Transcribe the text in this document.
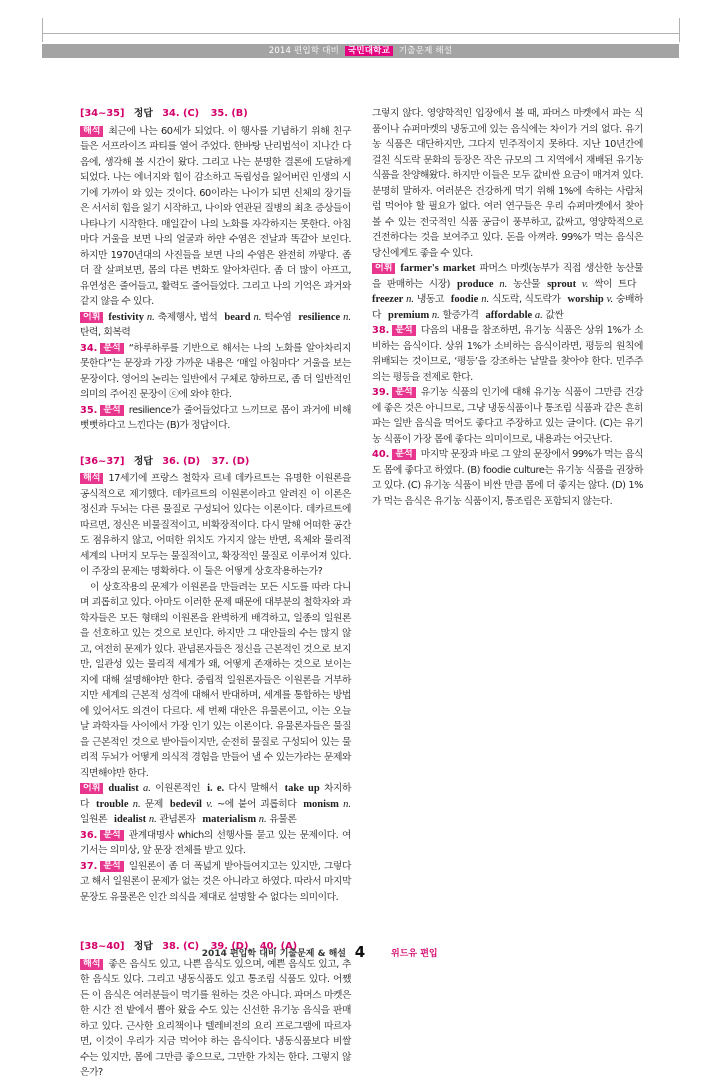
2014 편입학 대비 국민대학교 기출문제 해설
[34~35] 정답 34. (C) 35. (B)

해석 최근에 나는 60세가 되었다. 이 행사를 기념하기 위해 친구들은 서프라이즈 파티를 열어 주었다. 한바탕 난리법석이 지나간 다음에, 생각해 볼 시간이 왔다. 그리고 나는 분명한 결론에 도달하게 되었다. 나는 에너지와 힘이 감소하고 독립성을 잃어버린 인생의 시기에 가까이 와 있는 것이다. 60이라는 나이가 되면 신체의 장기들은 서서히 힘을 잃기 시작하고, 나이와 연관된 질병의 최초 증상들이 나타나기 시작한다. 매일같이 나의 노화를 자각하지는 못한다. 아침마다 거울을 보면 나의 얼굴과 하얀 수염은 전날과 똑같아 보인다. 하지만 1970년대의 사진들을 보면 나의 수염은 완전히 까맣다. 좀 더 잘 살펴보면, 몸의 다른 변화도 알아차린다. 좀 더 많이 아프고, 유연성은 줄어들고, 활력도 줄어들었다. 그리고 나의 기억은 과거와 같지 않을 수 있다.

어휘 festivity n. 축제행사, 법석 beard n. 턱수염 resilience n. 탄력, 회복력

34. 분석 “하루하루를 기반으로 해서는 나의 노화를 알아차리지 못한다”는 문장과 가장 가까운 내용은 ‘매일 아침마다’ 거울을 보는 문장이다. 영어의 논리는 일반에서 구체로 향하므로, 좀 더 일반적인 의미의 주어진 문장이 ⓒ에 와야 한다.

35. 분석 resilience가 줄어들었다고 느끼므로 몸이 과거에 비해 뻣뻣하다고 느낀다는 (B)가 정답이다.

[36~37] 정답 36. (D) 37. (D)

해석 17세기에 프랑스 철학자 르네 데카르트는 유명한 이원론을 공식적으로 제기했다. 데카르트의 이원론이라고 알려진 이 이론은 정신과 두뇌는 다른 물질로 구성되어 있다는 이론이다. 데카르트에 따르면, 정신은 비물질적이고, 비확장적이다. 다시 말해 어떠한 공간도 점유하지 않고, 어떠한 위치도 가지지 않는 반면, 육체와 물리적 세계의 나머지 모두는 물질적이고, 확장적인 물질로 이루어져 있다. 이 주장의 문제는 명확하다. 이 둘은 어떻게 상호작용하는가?

이 상호작용의 문제가 이원론을 만들려는 모든 시도를 따라 다니며 괴롭히고 있다. 아마도 이러한 문제 때문에 대부분의 철학자와 과학자들은 모든 형태의 이원론을 완벽하게 배격하고, 일종의 일원론을 선호하고 있는 것으로 보인다. 하지만 그 대안들의 수는 많지 않고, 여전히 문제가 있다. 관념론자들은 정신을 근본적인 것으로 보지만, 일관성 있는 물리적 세계가 왜, 어떻게 존재하는 것으로 보이는지에 대해 설명해야만 한다. 중립적 일원론자들은 이원론을 거부하지만 세계의 근본적 성격에 대해서 반대하며, 세계를 통합하는 방법에 있어서도 의견이 다르다. 세 번째 대안은 유물론이고, 이는 오늘날 과학자들 사이에서 가장 인기 있는 이론이다. 유물론자들은 물질을 근본적인 것으로 받아들이지만, 순전히 물질로 구성되어 있는 물리적 두뇌가 어떻게 의식적 경험을 만들어 낼 수 있는가라는 문제와 직면해야만 한다.

어휘 dualist a. 이원론적인 i. e. 다시 말해서 take up 차지하다 trouble n. 문제 bedevil v. ~에 붙어 괴롭히다 monism n. 일원론 idealist n. 관념론자 materialism n. 유물론

36. 분석 관계대명사 which의 선행사를 묻고 있는 문제이다. 여기서는 의미상, 앞 문장 전체를 받고 있다.

37. 분석 일원론이 좀 더 폭넓게 받아들여지고는 있지만, 그렇다고 해서 일원론이 문제가 없는 것은 아니라고 하였다. 따라서 마지막 문장도 유물론은 인간 의식을 제대로 설명할 수 없다는 의미이다.

[38~40] 정답 38. (C) 39. (D) 40. (A)

해석 좋은 음식도 있고, 나쁜 음식도 있으며, 예쁜 음식도 있고, 추한 음식도 있다. 그리고 냉동식품도 있고 통조림 식품도 있다. 어쨌든 이 음식은 여러분들이 먹기를 원하는 것은 아니다. 파머스 마켓은 한 시간 전 밭에서 뽑아 왔을 수도 있는 신선한 유기농 음식을 판매하고 있다. 근사한 요리책이나 텔레비전의 요리 프로그램에 따르자면, 이것이 우리가 지금 먹어야 하는 음식이다. 냉동식품보다 비쌀 수는 있지만, 몸에 그만큼 좋으므로, 그만한 가치는 한다. 그렇지 않은가?

그렇지 않다. 영양학적인 입장에서 볼 때, 파머스 마켓에서 파는 식품이나 슈퍼마켓의 냉동고에 있는 음식에는 차이가 거의 없다. 유기농 식품은 대단하지만, 그다지 민주적이지 못하다. 지난 10년간에 걸친 식도락 문화의 등장은 작은 규모의 그 지역에서 재배된 유기농 식품을 찬양해왔다. 하지만 이들은 모두 값비싼 요금이 매겨져 있다. 분명히 말하자. 여러분은 건강하게 먹기 위해 1%에 속하는 사람처럼 먹어야 할 필요가 없다. 여러 연구들은 우리 슈퍼마켓에서 찾아 볼 수 있는 전국적인 식품 공급이 풍부하고, 값싸고, 영양학적으로 건전하다는 것을 보여주고 있다. 돈을 아껴라. 99%가 먹는 음식은 당신에게도 좋을 수 있다.

어휘 farmer's market 파머스 마켓(농부가 직접 생산한 농산물을 판매하는 시장) produce n. 농산물 sprout v. 싹이 트다freezer n. 냉동고 foodie n. 식도락, 식도락가 worship v. 숭배하다 premium n. 할증가격 affordable a. 값싼

38. 분석 다음의 내용을 참조하면, 유기농 식품은 상위 1%가 소비하는 음식이다. 상위 1%가 소비하는 음식이라면, 평등의 원칙에 위배되는 것이므로, ‘평등’을 강조하는 낱말을 찾아야 한다. 민주주의는 평등을 전제로 한다.

39. 분석 유기농 식품의 인기에 대해 유기농 식품이 그만큼 건강에 좋은 것은 아니므로, 그냥 냉동식품이나 통조림 식품과 같은 흔히 파는 일반 음식을 먹어도 좋다고 주장하고 있는 글이다. (C)는 유기농 식품이 가장 몸에 좋다는 의미이므로, 내용과는 어긋난다.

40. 분석 마지막 문장과 바로 그 앞의 문장에서 99%가 먹는 음식도 몸에 좋다고 하였다. (B) foodie culture는 유기농 식품을 권장하고 있다. (C) 유기농 식품이 비싼 만큼 몸에 더 좋지는 않다. (D) 1%가 먹는 음식은 유기농 식품이지, 통조림은 포함되지 않는다.

2014 편입학 대비 기출문제 & 해설 4	위드유 편입
